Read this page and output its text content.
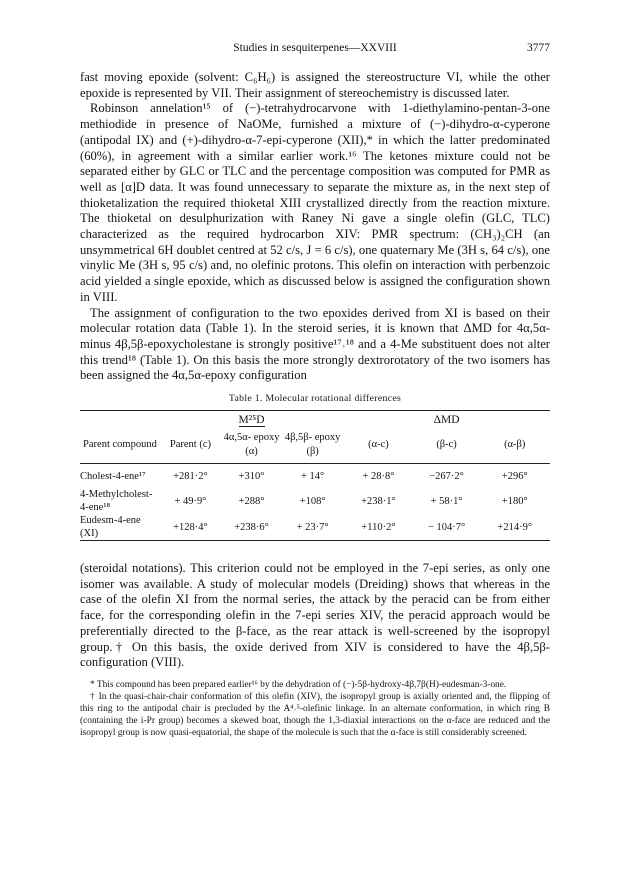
Studies in sesquiterpenes—XXVIII	3777

fast moving epoxide (solvent: C₆H₆) is assigned the stereostructure VI, while the other epoxide is represented by VII. Their assignment of stereochemistry is discussed later.

Robinson annelation¹⁵ of (−)-tetrahydrocarvone with 1-diethylamino-pentan-3-one methiodide in presence of NaOMe, furnished a mixture of (−)-dihydro-α-cyperone (antipodal IX) and (+)-dihydro-α-7-epi-cyperone (XII),* in which the latter predominated (60%), in agreement with a similar earlier work.¹⁶ The ketones mixture could not be separated either by GLC or TLC and the percentage composition was computed for PMR as well as [α]D data. It was found unnecessary to separate the mixture as, in the next step of thioketalization the required thioketal XIII crystallized directly from the reaction mixture. The thioketal on desulphurization with Raney Ni gave a single olefin (GLC, TLC) characterized as the required hydrocarbon XIV: PMR spectrum: (CH₃)₂CH (an unsymmetrical 6H doublet centred at 52 c/s, J = 6 c/s), one quaternary Me (3H s, 64 c/s), one vinylic Me (3H s, 95 c/s) and, no olefinic protons. This olefin on interaction with perbenzoic acid yielded a single epoxide, which as discussed below is assigned the configuration shown in VIII.

The assignment of configuration to the two epoxides derived from XI is based on their molecular rotation data (Table 1). In the steroid series, it is known that ΔMD for 4α,5α- minus 4β,5β-epoxycholestane is strongly positive¹⁷˒¹⁸ and a 4-Me substituent does not alter this trend¹⁸ (Table 1). On this basis the more strongly dextrorotatory of the two isomers has been assigned the 4α,5α-epoxy configuration

Table 1. Molecular rotational differences
	M²⁵D			ΔMD		
Parent compound	Parent (c)	4α,5α- epoxy (α)	4β,5β- epoxy (β)	(α-c)	(β-c)	(α-β)
Cholest-4-ene¹⁷	+281·2°	+310°	+ 14°	+ 28·8°	−267·2°	+296°
4-Methylcholest-4-ene¹⁸	+ 49·9°	+288°	+108°	+238·1°	+ 58·1°	+180°
Eudesm-4-ene (XI)	+128·4°	+238·6°	+ 23·7°	+110·2°	− 104·7°	+214·9°

(steroidal notations). This criterion could not be employed in the 7-epi series, as only one isomer was available. A study of molecular models (Dreiding) shows that whereas in the case of the olefin XI from the normal series, the attack by the peracid can be from either face, for the corresponding olefin in the 7-epi series XIV, the peracid approach would be preferentially directed to the β-face, as the rear attack is well-screened by the isopropyl group.† On this basis, the oxide derived from XIV is considered to have the 4β,5β-configuration (VIII).

* This compound has been prepared earlier¹⁶ by the dehydration of (−)-5β-hydroxy-4β,7β(H)-eudesman-3-one.

† In the quasi-chair-chair conformation of this olefin (XIV), the isopropyl group is axially oriented and, the flipping of this ring to the antipodal chair is precluded by the A⁴˒⁵-olefinic linkage. In an alternate conformation, in which ring B (containing the i-Pr group) becomes a skewed boat, though the 1,3-diaxial interactions on the α-face are reduced and the isopropyl group is now quasi-equatorial, the shape of the molecule is such that the α-face is still considerably screened.
